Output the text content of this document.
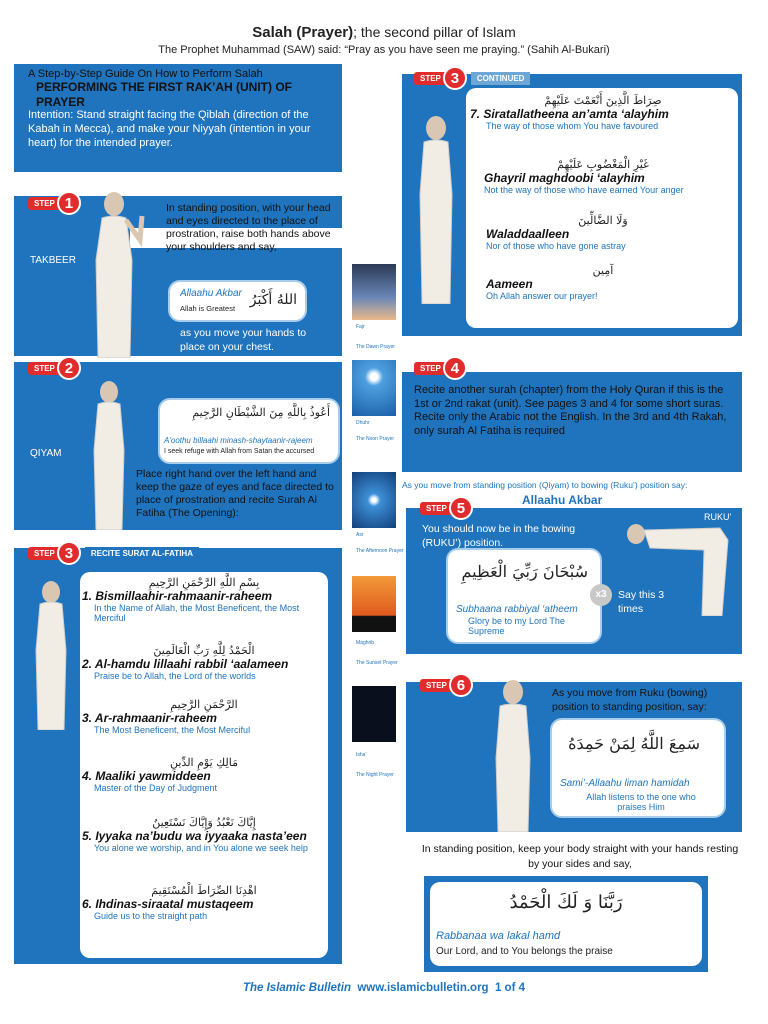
Salah (Prayer); the second pillar of Islam
The Prophet Muhammad (SAW) said: “Pray as you have seen me praying.” (Sahih Al-Bukari)
A Step-by-Step Guide On How to Perform Salah
PERFORMING THE FIRST RAK’AH (UNIT) OF PRAYER
Intention: Stand straight facing the Qiblah (direction of the Kabah in Mecca), and make your Niyyah (intention in your heart) for the intended prayer.
STEP 1
TAKBEER
In standing position, with your head and eyes directed to the place of prostration, raise both hands above your shoulders and say,
Allaahu Akbar
Allah is Greatest
اللهُ أَكْبَرُ
as you move your hands to place on your chest.
STEP 2
QIYAM
أَعُوذُ بِاللَّهِ مِنَ الشَّيْطَانِ الرَّجِيمِ
A'oothu billaahi minash-shaytaanir-rajeem
I seek refuge with Allah from Satan the accursed
Place right hand over the left hand and keep the gaze of eyes and face directed to place of prostration and recite Surah Al Fatiha (The Opening):
STEP 3	RECITE SURAT AL-FATIHA
بِسْمِ اللَّهِ الرَّحْمَنِ الرَّحِيمِ
1. Bismillaahir-rahmaanir-raheem
In the Name of Allah, the Most Beneficent, the Most Merciful
الْحَمْدُ لِلَّهِ رَبِّ الْعَالَمِينَ
2. Al-hamdu lillaahi rabbil ‘aalameen
Praise be to Allah, the Lord of the worlds
الرَّحْمَنِ الرَّحِيمِ
3. Ar-rahmaanir-raheem
The Most Beneficent, the Most Merciful
مَالِكِ يَوْمِ الدِّينِ
4. Maaliki yawmiddeen
Master of the Day of Judgment
إِيَّاكَ نَعْبُدُ وَإِيَّاكَ نَسْتَعِينُ
5. Iyyaka na’budu wa iyyaaka nasta’een
You alone we worship, and in You alone we seek help
اهْدِنَا الصِّرَاطَ الْمُسْتَقِيمَ
6. Ihdinas-siraatal mustaqeem
Guide us to the straight path
Fajr
The Dawn Prayer
Dhuhr
The Noon Prayer
Asr
The Afternoon Prayer
Maghrib
The Sunset Prayer
Isha'
The Night Prayer
STEP 3	CONTINUED
صِرَاطَ الَّذِينَ أَنْعَمْتَ عَلَيْهِمْ
7. Siratallatheena an’amta ‘alayhim
The way of those whom You have favoured
غَيْرِ الْمَغْضُوبِ عَلَيْهِمْ
Ghayril maghdoobi ‘alayhim
Not the way of those who have earned Your anger
وَلَا الضَّالِّينَ
Waladdaalleen
Nor of those who have gone astray
آمِين
Aameen
Oh Allah answer our prayer!
STEP 4
Recite another surah (chapter) from the Holy Quran if this is the 1st or 2nd rakat (unit). See pages 3 and 4 for some short suras. Recite only the Arabic not the English. In the 3rd and 4th Rakah, only surah Al Fatiha is required
As you move from standing position (Qiyam) to bowing (Ruku’) position say:
Allaahu Akbar
STEP 5
RUKU’
You should now be in the bowing (RUKU’) position.
سُبْحَانَ رَبِّيَ الْعَظِيمِ
Subhaana rabbiyal ‘atheem
Glory be to my Lord The Supreme
x3	Say this 3 times
STEP 6	As you move from Ruku (bowing) position to standing position, say:
سَمِعَ اللَّهُ لِمَنْ حَمِدَهُ
Sami’-Allaahu liman hamidah
Allah listens to the one who praises Him
In standing position, keep your body straight with your hands resting by your sides and say,
رَبَّنَا وَ لَكَ الْحَمْدُ
Rabbanaa wa lakal hamd
Our Lord, and to You belongs the praise
The Islamic Bulletin www.islamicbulletin.org 1 of 4
